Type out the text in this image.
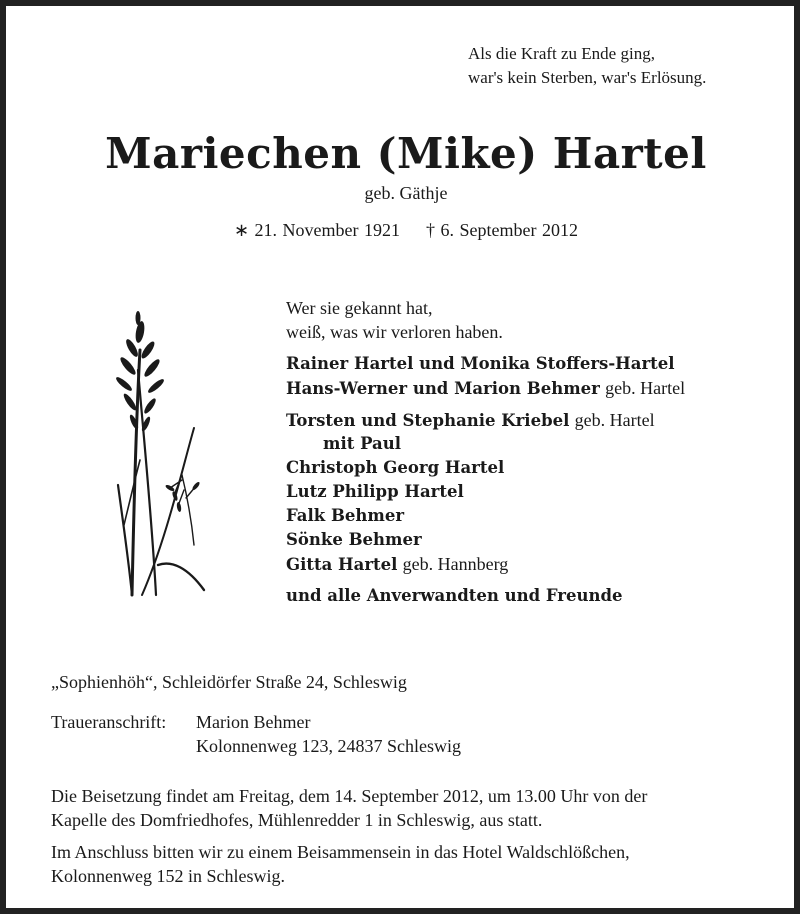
Als die Kraft zu Ende ging,
war's kein Sterben, war's Erlösung.
Mariechen (Mike) Hartel
geb. Gäthje
∗ 21. November 1921 † 6. September 2012
Wer sie gekannt hat,
weiß, was wir verloren haben.
Rainer Hartel und Monika Stoffers-Hartel
Hans-Werner und Marion Behmer geb. Hartel
Torsten und Stephanie Kriebel geb. Hartel
mit Paul
Christoph Georg Hartel
Lutz Philipp Hartel
Falk Behmer
Sönke Behmer
Gitta Hartel geb. Hannberg
und alle Anverwandten und Freunde
„Sophienhöh“, Schleidörfer Straße 24, Schleswig
Traueranschrift:	Marion Behmer
Kolonnenweg 123, 24837 Schleswig
Die Beisetzung findet am Freitag, dem 14. September 2012, um 13.00 Uhr von der
Kapelle des Domfriedhofes, Mühlenredder 1 in Schleswig, aus statt.
Im Anschluss bitten wir zu einem Beisammensein in das Hotel Waldschlößchen,
Kolonnenweg 152 in Schleswig.
